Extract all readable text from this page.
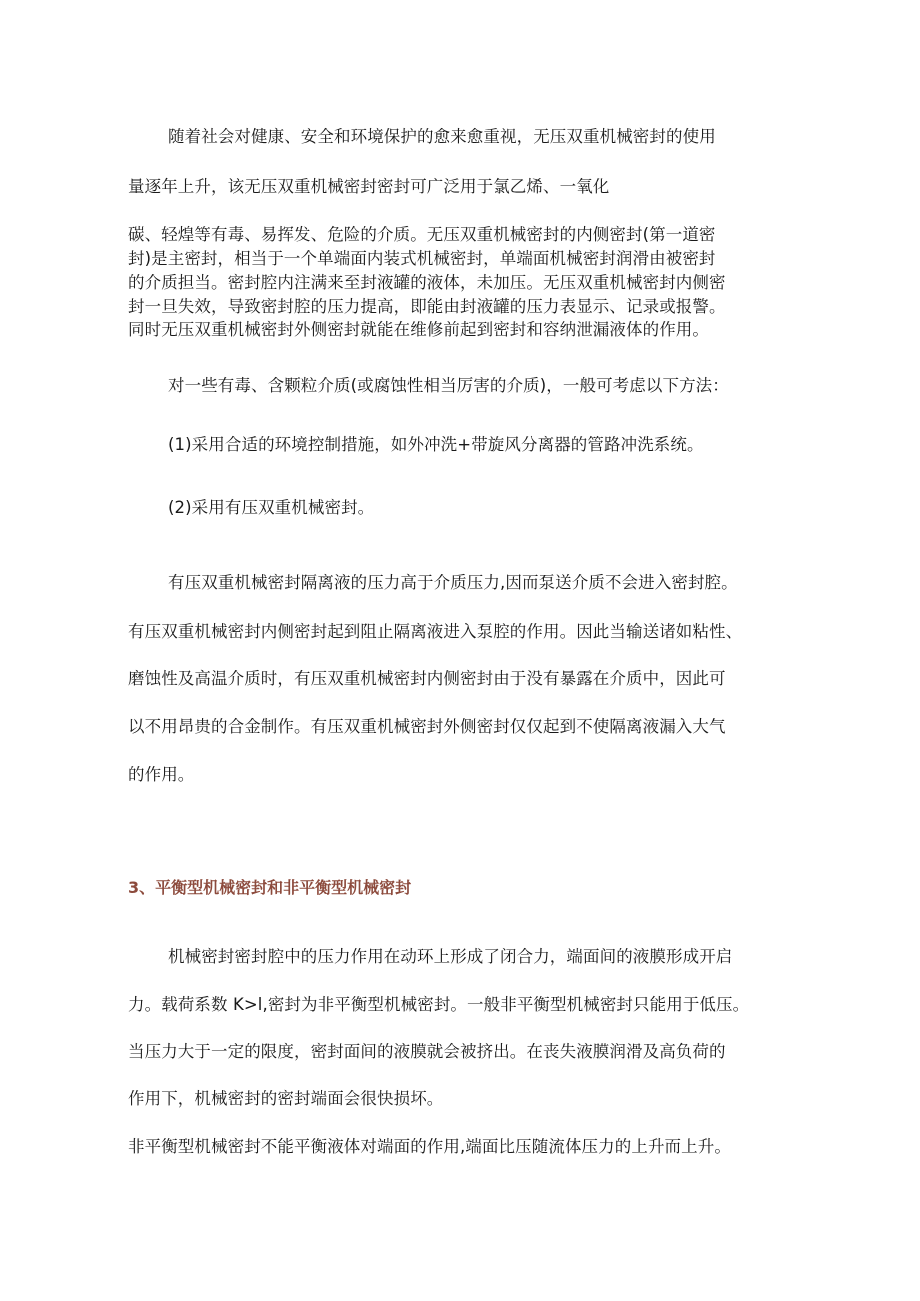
随着社会对健康、安全和环境保护的愈来愈重视，无压双重机械密封的使用
量逐年上升，该无压双重机械密封密封可广泛用于氯乙烯、一氧化
碳、轻煌等有毒、易挥发、危险的介质。无压双重机械密封的内侧密封(第一道密
封)是主密封，相当于一个单端面内装式机械密封，单端面机械密封润滑由被密封
的介质担当。密封腔内注满来至封液罐的液体，未加压。无压双重机械密封内侧密
封一旦失效，导致密封腔的压力提高，即能由封液罐的压力表显示、记录或报警。
同时无压双重机械密封外侧密封就能在维修前起到密封和容纳泄漏液体的作用。
对一些有毒、含颗粒介质(或腐蚀性相当厉害的介质)，一般可考虑以下方法：
(1)采用合适的环境控制措施，如外冲洗+带旋风分离器的管路冲洗系统。
(2)采用有压双重机械密封。
有压双重机械密封隔离液的压力高于介质压力,因而泵送介质不会进入密封腔。
有压双重机械密封内侧密封起到阻止隔离液进入泵腔的作用。因此当输送诸如粘性、
磨蚀性及高温介质时，有压双重机械密封内侧密封由于没有暴露在介质中，因此可
以不用昂贵的合金制作。有压双重机械密封外侧密封仅仅起到不使隔离液漏入大气
的作用。
3、平衡型机械密封和非平衡型机械密封
机械密封密封腔中的压力作用在动环上形成了闭合力，端面间的液膜形成开启
力。载荷系数 K>l,密封为非平衡型机械密封。一般非平衡型机械密封只能用于低压。
当压力大于一定的限度，密封面间的液膜就会被挤出。在丧失液膜润滑及高负荷的
作用下，机械密封的密封端面会很快损坏。
非平衡型机械密封不能平衡液体对端面的作用,端面比压随流体压力的上升而上升。
